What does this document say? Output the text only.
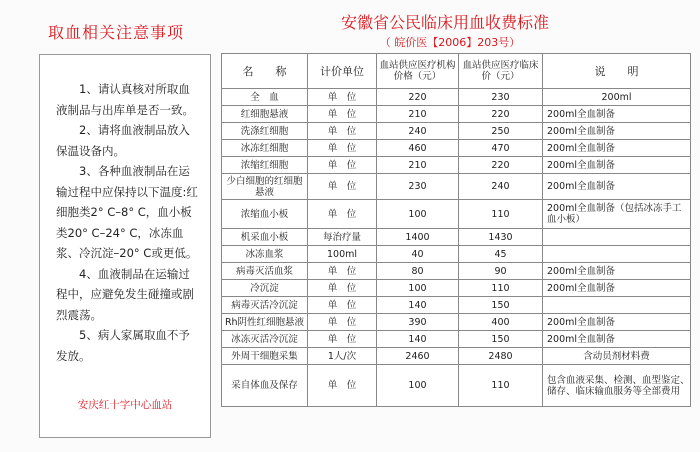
取血相关注意事项

1、请认真核对所取血液制品与出库单是否一致。

2、请将血液制品放入保温设备内。

3、各种血液制品在运输过程中应保持以下温度:红细胞类2° C–8° C，血小板类20° C–24° C，冰冻血浆、冷沉淀–20° C或更低。

4、血液制品在运输过程中，应避免发生碰撞或剧烈震荡。

5、病人家属取血不予发放。

安庆红十字中心血站

安徽省公民临床用血收费标准
（ 皖价医【2006】203号）
名　　称	计价单位	血站供应医疗机构价格（元）	血站供应医疗临床价（元）	说　　明
全　血	单　位	220	230	200ml
红细胞悬液	单　位	210	220	200ml全血制备
洗涤红细胞	单　位	240	250	200ml全血制备
冰冻红细胞	单　位	460	470	200ml全血制备
浓缩红细胞	单　位	210	220	200ml全血制备
少白细胞的红细胞悬液	单　位	230	240	200ml全血制备
浓缩血小板	单　位	100	110	200ml全血制备（包括冰冻手工血小板）
机采血小板	每治疗量	1400	1430	
冰冻血浆	100ml	40	45	
病毒灭活血浆	单　位	80	90	200ml全血制备
冷沉淀	单　位	100	110	200ml全血制备
病毒灭活冷沉淀	单　位	140	150	
Rh阴性红细胞悬液	单　位	390	400	200ml全血制备
冰冻灭活冷沉淀	单　位	140	150	200ml全血制备
外周干细胞采集	1人/次	2460	2480	含动员剂材料费
采自体血及保存	单　位	100	110	包含血液采集、检测、血型鉴定、储存、临床输血服务等全部费用
